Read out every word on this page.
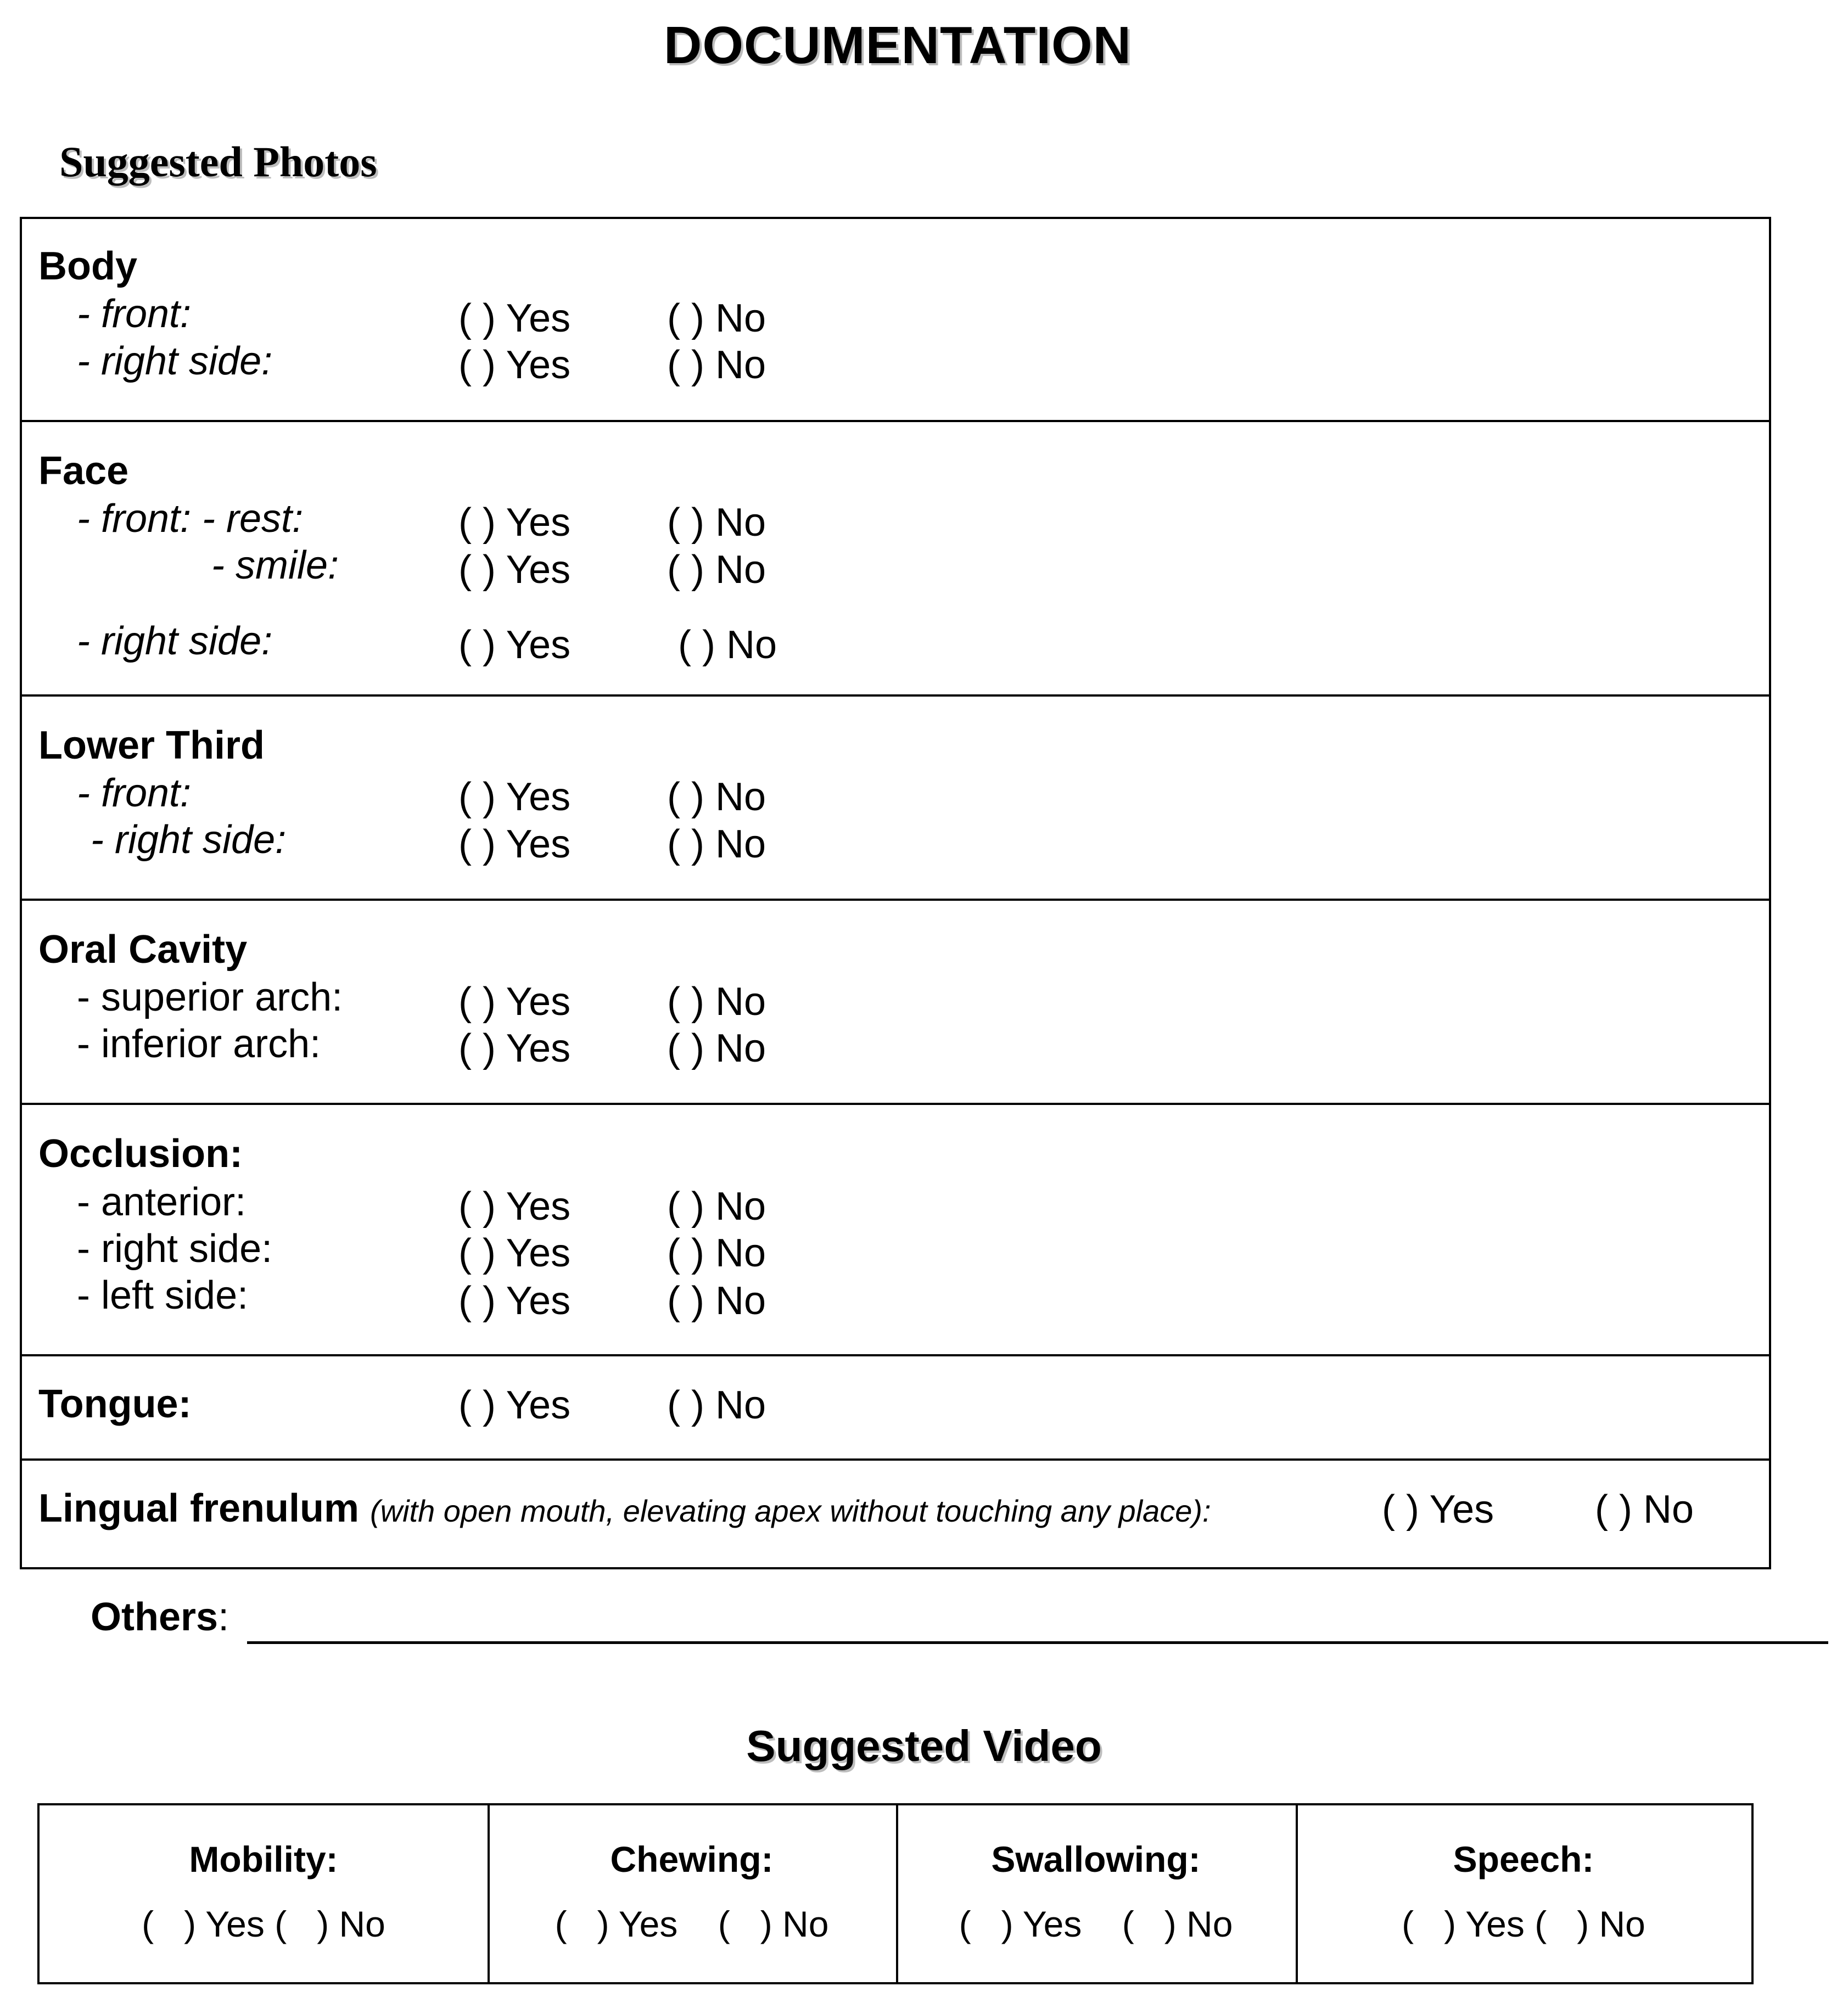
DOCUMENTATION
Suggested Photos
Body
- front:	( ) Yes ( ) No
- right side:	( ) Yes ( ) No
Face
- front: - rest:	( ) Yes ( ) No
- smile:	( ) Yes ( ) No
- right side:	( ) Yes	( ) No
Lower Third
- front:	( ) Yes ( ) No
- right side:	( ) Yes ( ) No
Oral Cavity
- superior arch:	( ) Yes ( ) No
- inferior arch:	( ) Yes ( ) No
Occlusion:
- anterior:	( ) Yes ( ) No
- right side:	( ) Yes ( ) No
- left side:	( ) Yes ( ) No
Tongue:	( ) Yes ( ) No
Lingual frenulum (with open mouth, elevating apex without touching any place):	( ) Yes	( ) No
Others:
Suggested Video
Mobility:
(   ) Yes (   ) No
Chewing:
(   ) Yes    (   ) No
Swallowing:
(   ) Yes    (   ) No
Speech:
(   ) Yes (   ) No
